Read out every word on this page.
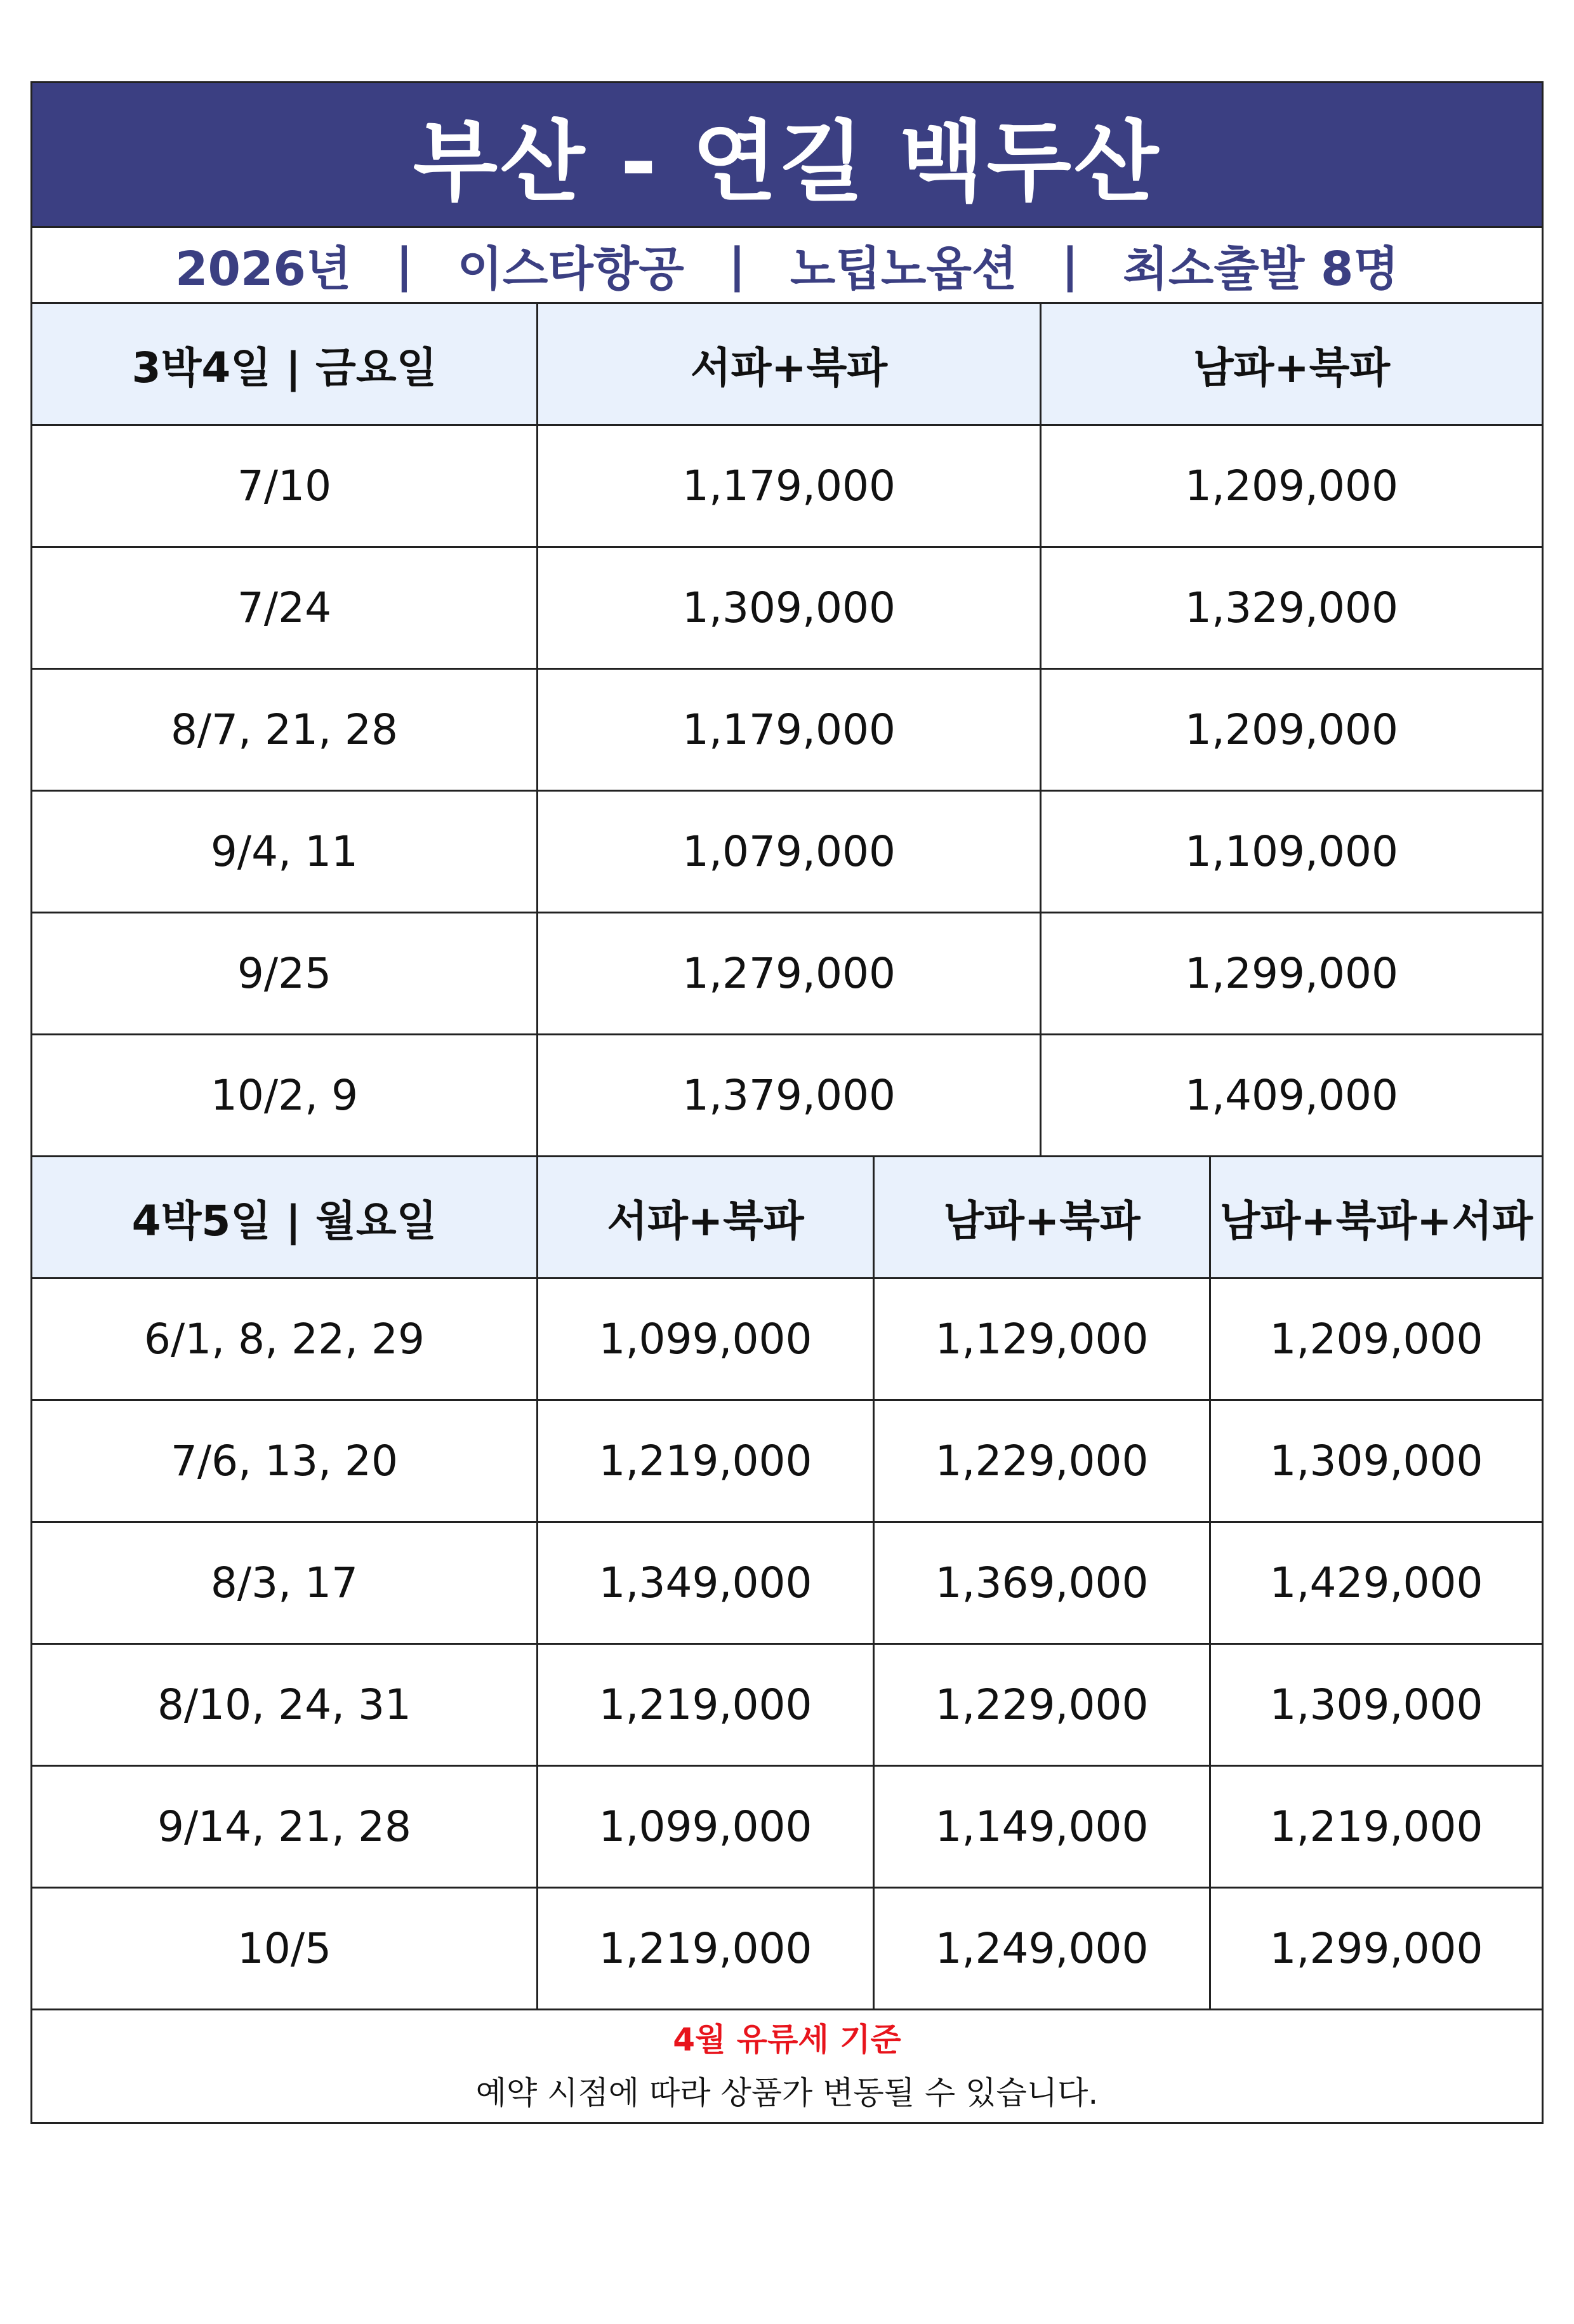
부산 - 연길 백두산
2026년 | 이스타항공 | 노팁노옵션 | 최소출발 8명
3박4일 | 금요일	서파+북파	남파+북파
7/10	1,179,000	1,209,000
7/24	1,309,000	1,329,000
8/7, 21, 28	1,179,000	1,209,000
9/4, 11	1,079,000	1,109,000
9/25	1,279,000	1,299,000
10/2, 9	1,379,000	1,409,000
4박5일 | 월요일	서파+북파	남파+북파	남파+북파+서파
6/1, 8, 22, 29	1,099,000	1,129,000	1,209,000
7/6, 13, 20	1,219,000	1,229,000	1,309,000
8/3, 17	1,349,000	1,369,000	1,429,000
8/10, 24, 31	1,219,000	1,229,000	1,309,000
9/14, 21, 28	1,099,000	1,149,000	1,219,000
10/5	1,219,000	1,249,000	1,299,000
4월 유류세 기준
예약 시점에 따라 상품가 변동될 수 있습니다.
